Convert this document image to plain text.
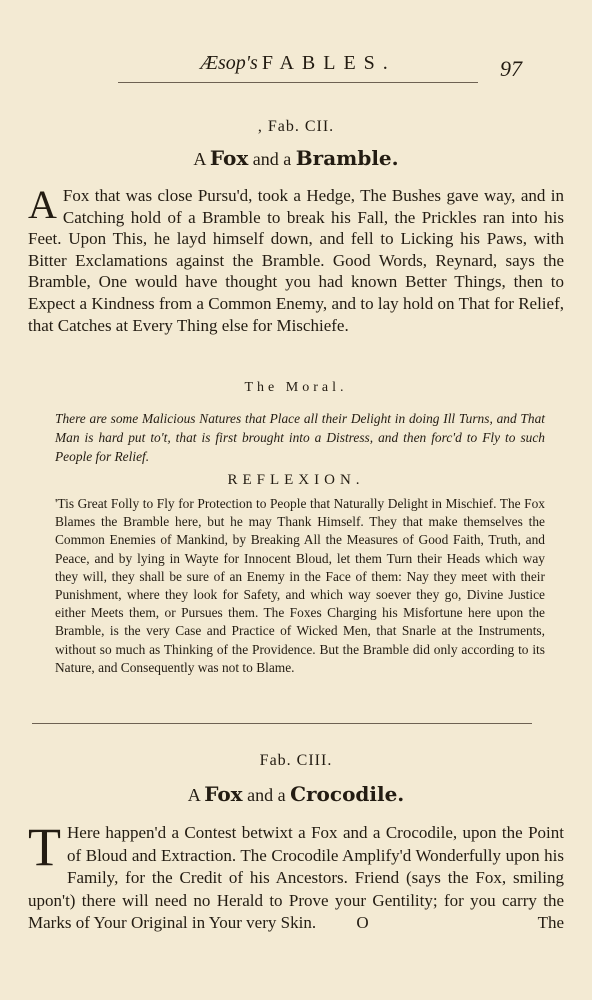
Æsop's FABLES.	97
, Fab. CII.
A Fox and a Bramble.
A Fox that was close Pursu'd, took a Hedge, The Bushes gave way, and in Catching hold of a Bramble to break his Fall, the Prickles ran into his Feet. Upon This, he layd himself down, and fell to Licking his Paws, with Bitter Exclamations against the Bramble. Good Words, Reynard, says the Bramble, One would have thought you had known Better Things, then to Expect a Kindness from a Common Enemy, and to lay hold on That for Relief, that Catches at Every Thing else for Mischiefe.
The Moral.
There are some Malicious Natures that Place all their Delight in doing Ill Turns, and That Man is hard put to't, that is first brought into a Distress, and then forc'd to Fly to such People for Relief.
REFLEXION.
'Tis Great Folly to Fly for Protection to People that Naturally Delight in Mischief. The Fox Blames the Bramble here, but he may Thank Himself. They that make themselves the Common Enemies of Mankind, by Breaking All the Measures of Good Faith, Truth, and Peace, and by lying in Wayte for Innocent Bloud, let them Turn their Heads which way they will, they shall be sure of an Enemy in the Face of them: Nay they meet with their Punishment, where they look for Safety, and which way soever they go, Divine Justice either Meets them, or Pursues them. The Foxes Charging his Misfortune here upon the Bramble, is the very Case and Practice of Wicked Men, that Snarle at the Instruments, without so much as Thinking of the Providence. But the Bramble did only according to its Nature, and Consequently was not to Blame.
Fab. CIII.
A Fox and a Crocodile.
T Here happen'd a Contest betwixt a Fox and a Crocodile, upon the Point of Bloud and Extraction. The Crocodile Amplify'd Wonderfully upon his Family, for the Credit of his Ancestors. Friend (says the Fox, smiling upon't) there will need no Herald to Prove your Gentility; for you carry the Marks of Your Original in Your very Skin. O	The
